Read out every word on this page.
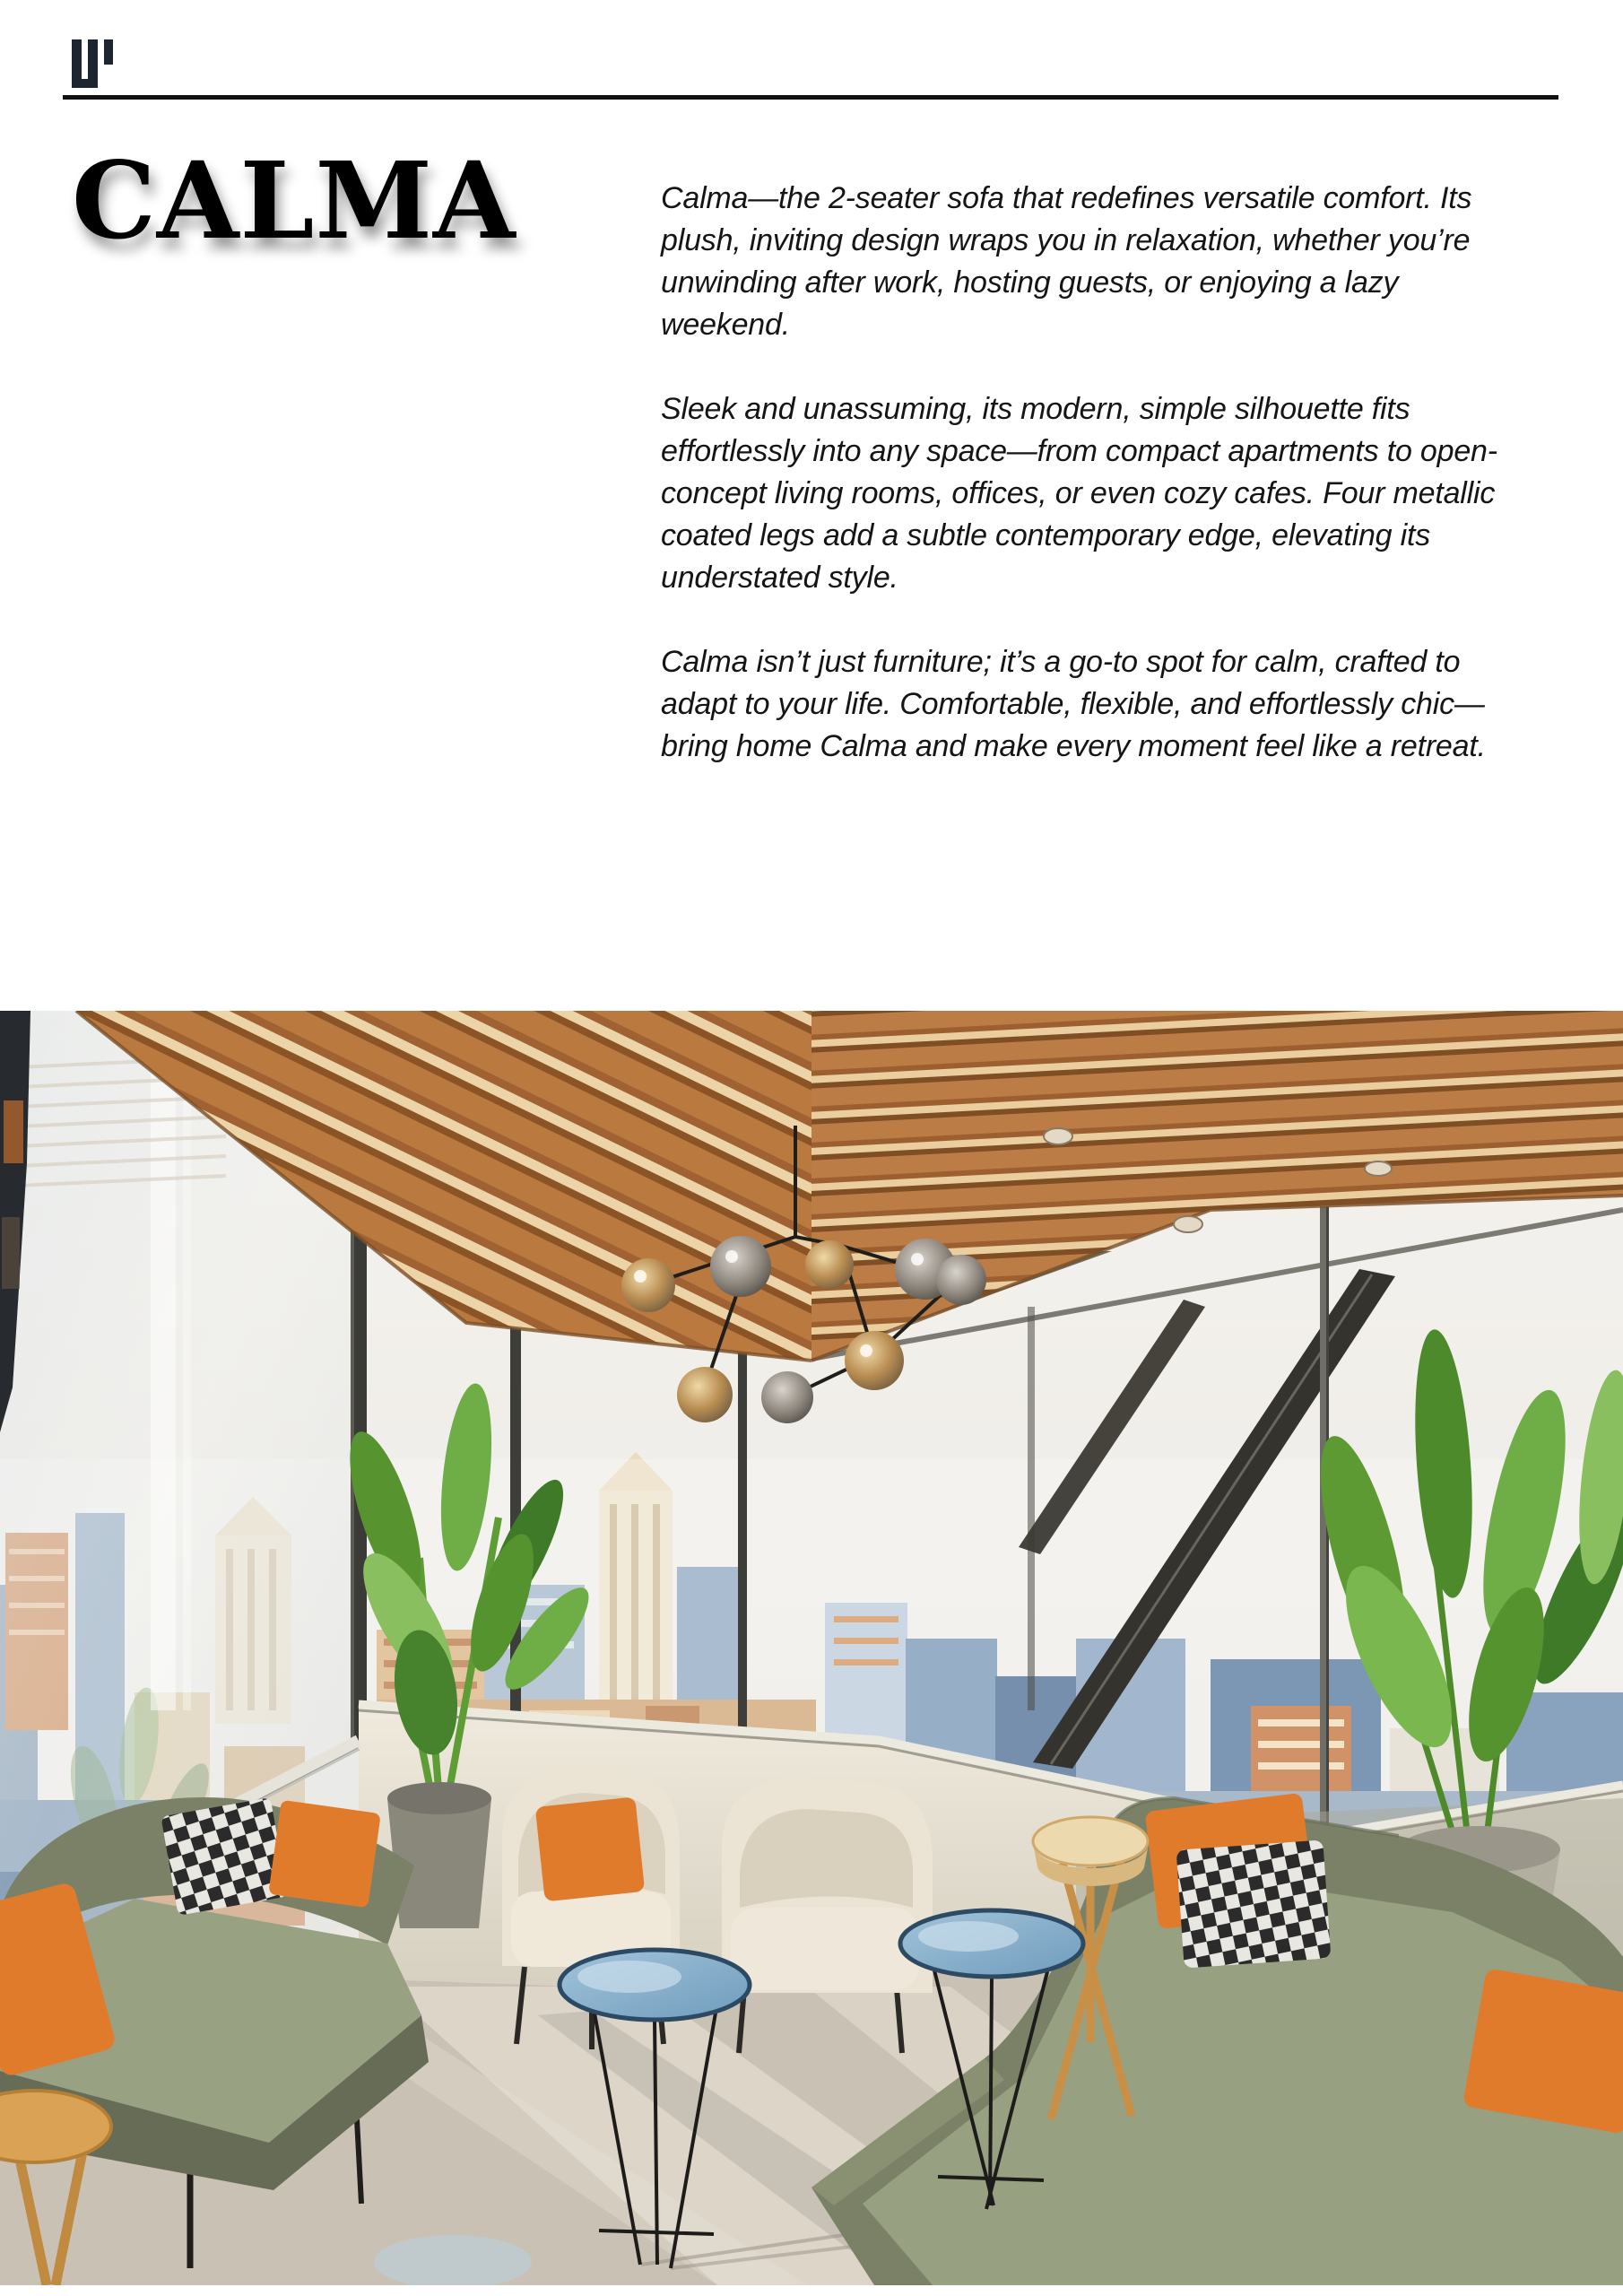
CALMA	Calma—the 2-seater sofa that redefines versatile comfort. Its plush, inviting design wraps you in relaxation, whether you’re unwinding after work, hosting guests, or enjoying a lazy weekend.

Sleek and unassuming, its modern, simple silhouette fits effortlessly into any space—from compact apartments to open-concept living rooms, offices, or even cozy cafes. Four metallic coated legs add a subtle contemporary edge, elevating its understated style.

Calma isn’t just furniture; it’s a go-to spot for calm, crafted to adapt to your life. Comfortable, flexible, and effortlessly chic—bring home Calma and make every moment feel like a retreat.
